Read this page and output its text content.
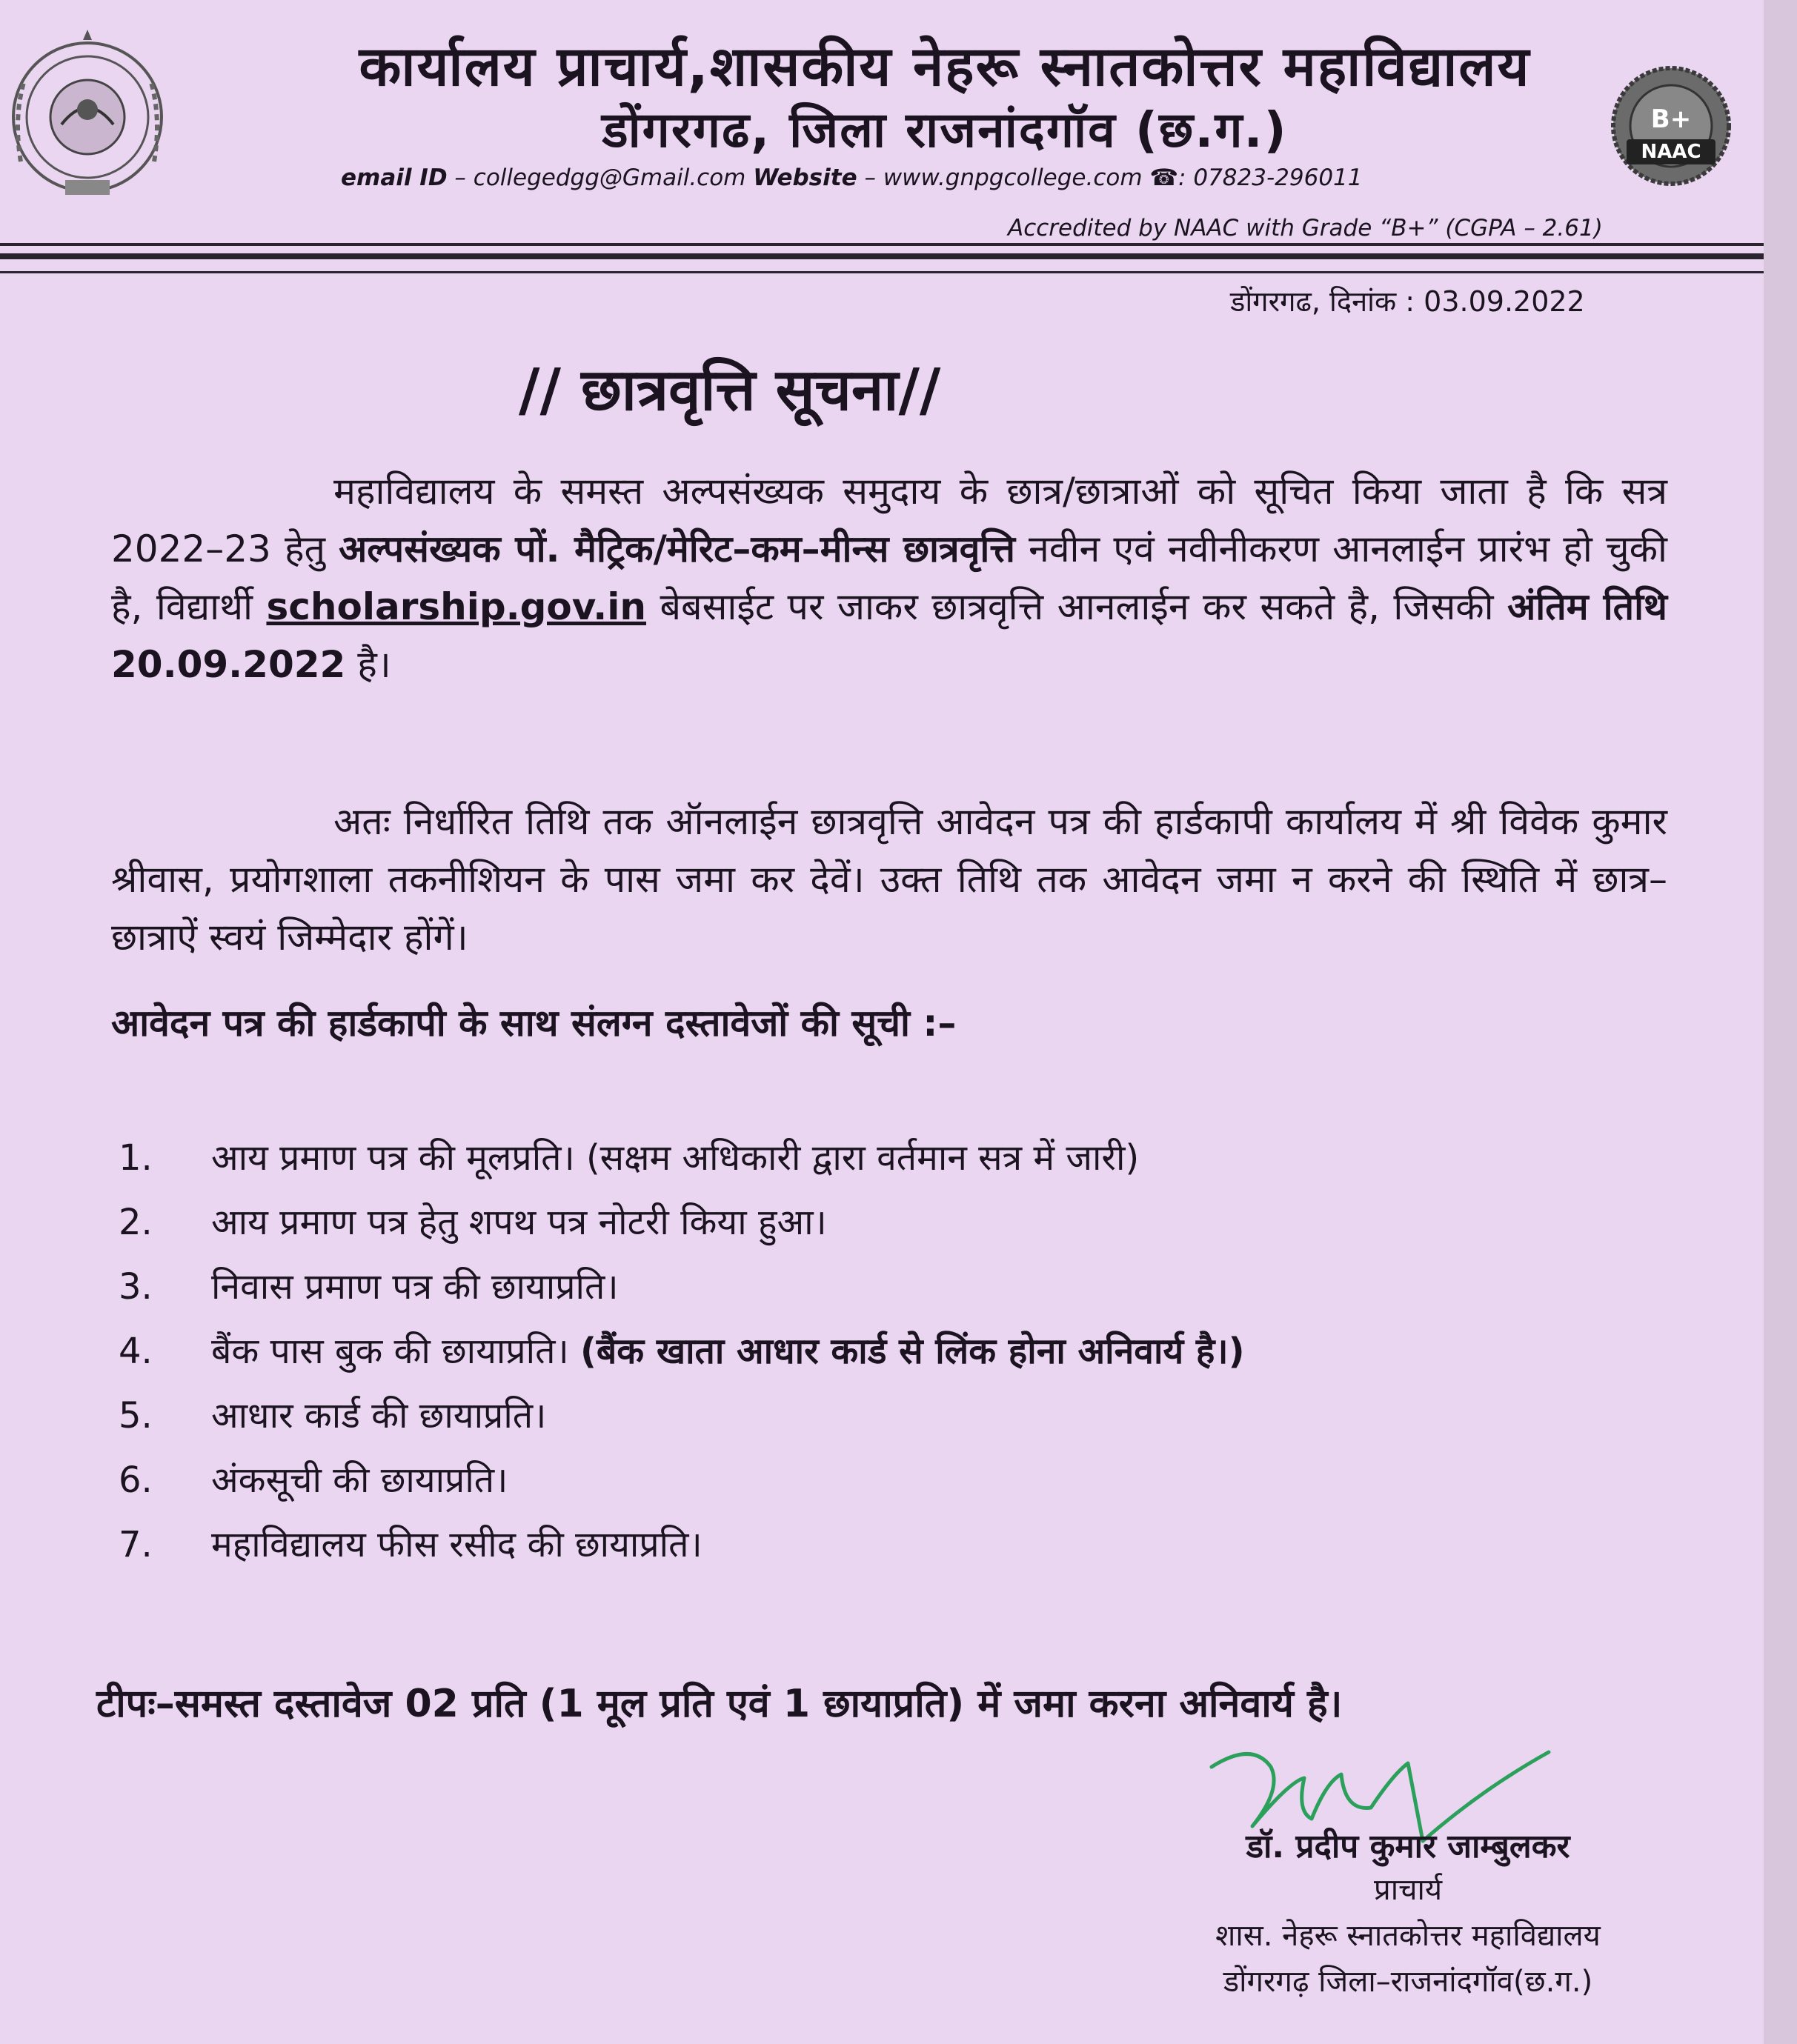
B+
NAAC
कार्यालय प्राचार्य,शासकीय नेहरू स्नातकोत्तर महाविद्यालय
डोंगरगढ, जिला राजनांदगॉव (छ.ग.)
email ID – collegedgg@Gmail.com Website – www.gnpgcollege.com ☎: 07823-296011
Accredited by NAAC with Grade “B+” (CGPA – 2.61)
डोंगरगढ, दिनांक : 03.09.2022
// छात्रवृत्ति सूचना//
महाविद्यालय के समस्त अल्पसंख्यक समुदाय के छात्र/छात्राओं को सूचित किया जाता है कि सत्र 2022–23 हेतु अल्पसंख्यक पों. मैट्रिक/मेरिट–कम–मीन्स छात्रवृत्ति नवीन एवं नवीनीकरण आनलाईन प्रारंभ हो चुकी है, विद्यार्थी scholarship.gov.in बेबसाईट पर जाकर छात्रवृत्ति आनलाईन कर सकते है, जिसकी अंतिम तिथि 20.09.2022 है।
अतः निर्धारित तिथि तक ऑनलाईन छात्रवृत्ति आवेदन पत्र की हार्डकापी कार्यालय में श्री विवेक कुमार श्रीवास, प्रयोगशाला तकनीशियन के पास जमा कर देवें। उक्त तिथि तक आवेदन जमा न करने की स्थिति में छात्र–छात्राऐं स्वयं जिम्मेदार होंगें।
आवेदन पत्र की हार्डकापी के साथ संलग्न दस्तावेजों की सूची :–
1.	आय प्रमाण पत्र की मूलप्रति। (सक्षम अधिकारी द्वारा वर्तमान सत्र में जारी)
2.	आय प्रमाण पत्र हेतु शपथ पत्र नोटरी किया हुआ।
3.	निवास प्रमाण पत्र की छायाप्रति।
4.	बैंक पास बुक की छायाप्रति। (बैंक खाता आधार कार्ड से लिंक होना अनिवार्य है।)
5.	आधार कार्ड की छायाप्रति।
6.	अंकसूची की छायाप्रति।
7.	महाविद्यालय फीस रसीद की छायाप्रति।
टीपः–समस्त दस्तावेज 02 प्रति (1 मूल प्रति एवं 1 छायाप्रति) में जमा करना अनिवार्य है।
डॉ. प्रदीप कुमार जाम्बुलकर
प्राचार्य
शास. नेहरू स्नातकोत्तर महाविद्यालय
डोंगरगढ़ जिला–राजनांदगॉव(छ.ग.)
